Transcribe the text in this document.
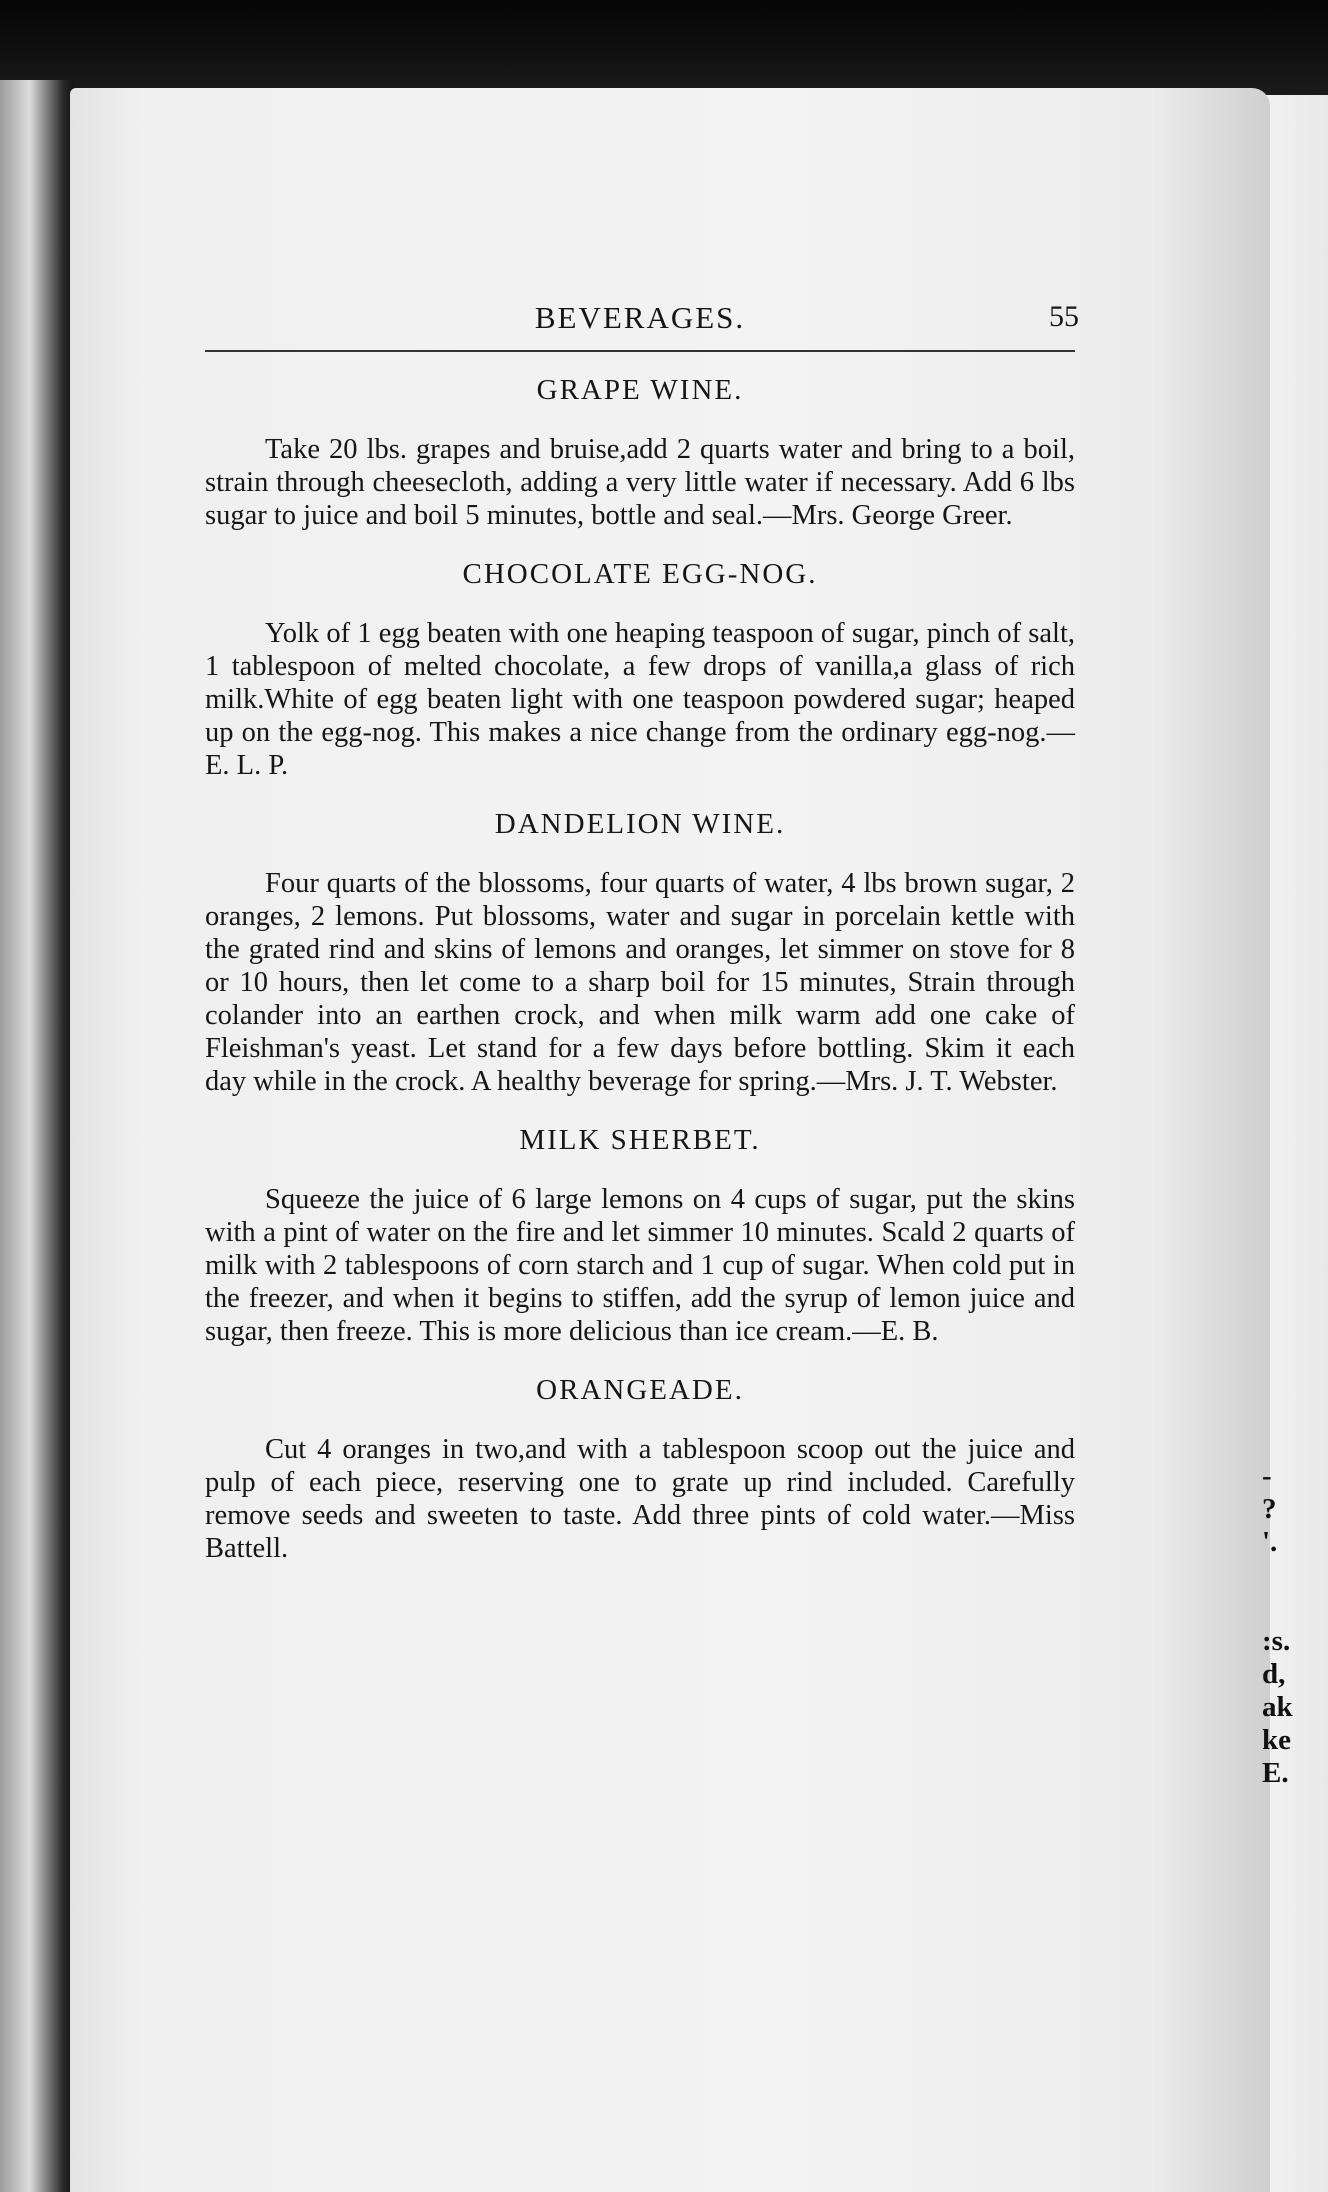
BEVERAGES.	55
GRAPE WINE.

Take 20 lbs. grapes and bruise,add 2 quarts water and bring to a boil, strain through cheesecloth, adding a very little water if necessary. Add 6 lbs sugar to juice and boil 5 minutes, bottle and seal.—Mrs. George Greer.

CHOCOLATE EGG-NOG.

Yolk of 1 egg beaten with one heaping teaspoon of sugar, pinch of salt, 1 tablespoon of melted chocolate, a few drops of vanilla,a glass of rich milk.White of egg beaten light with one teaspoon powdered sugar; heaped up on the egg-nog. This makes a nice change from the ordinary egg-nog.—E. L. P.

DANDELION WINE.

Four quarts of the blossoms, four quarts of water, 4 lbs brown sugar, 2 oranges, 2 lemons. Put blossoms, water and sugar in porcelain kettle with the grated rind and skins of lemons and oranges, let simmer on stove for 8 or 10 hours, then let come to a sharp boil for 15 minutes, Strain through colander into an earthen crock, and when milk warm add one cake of Fleishman's yeast. Let stand for a few days before bottling. Skim it each day while in the crock. A healthy beverage for spring.—Mrs. J. T. Webster.

MILK SHERBET.

Squeeze the juice of 6 large lemons on 4 cups of sugar, put the skins with a pint of water on the fire and let simmer 10 minutes. Scald 2 quarts of milk with 2 tablespoons of corn starch and 1 cup of sugar. When cold put in the freezer, and when it begins to stiffen, add the syrup of lemon juice and sugar, then freeze. This is more delicious than ice cream.—E. B.

ORANGEADE.

Cut 4 oranges in two,and with a tablespoon scoop out the juice and pulp of each piece, reserving one to grate up rind included. Carefully remove seeds and sweeten to taste. Add three pints of cold water.—Miss Battell.

-
?
'.

:s.
d,
ak
ke
E.
